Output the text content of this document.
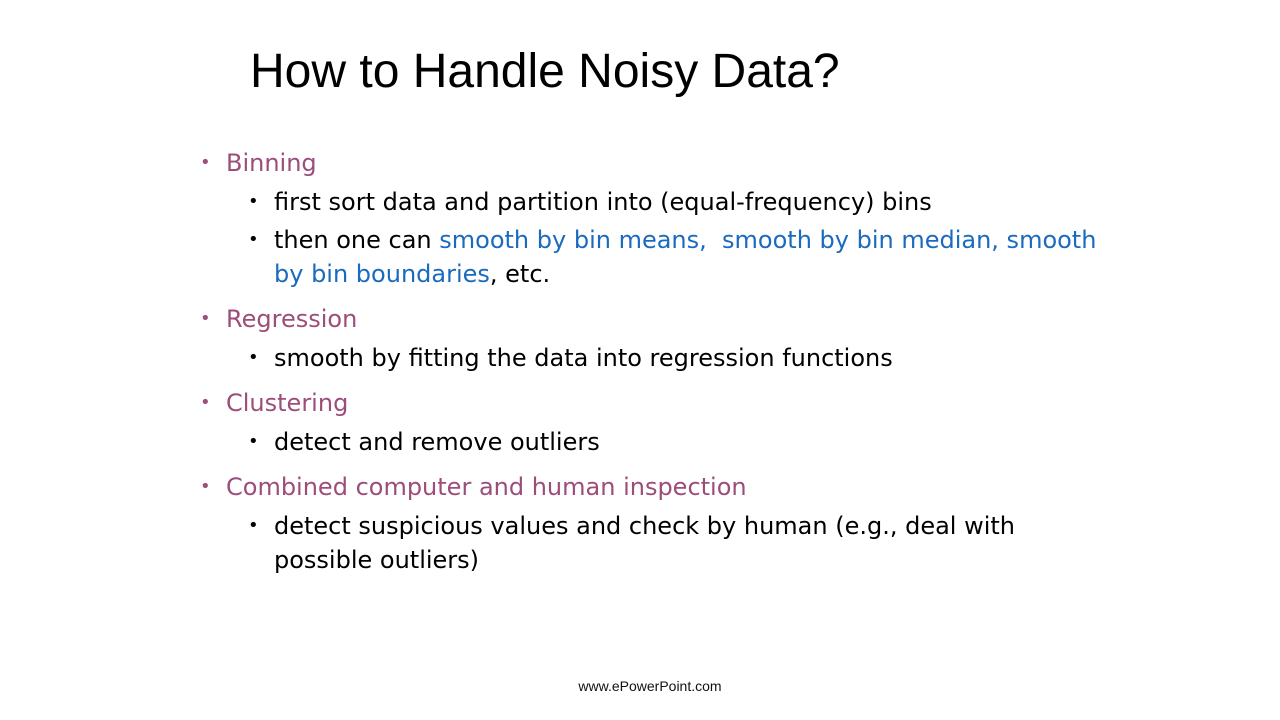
How to Handle Noisy Data?
• Binning
• first sort data and partition into (equal-frequency) bins
• then one can smooth by bin means,  smooth by bin median, smooth by bin boundaries, etc.
• Regression
• smooth by fitting the data into regression functions
• Clustering
• detect and remove outliers
• Combined computer and human inspection
• detect suspicious values and check by human (e.g., deal with possible outliers)
www.ePowerPoint.com
